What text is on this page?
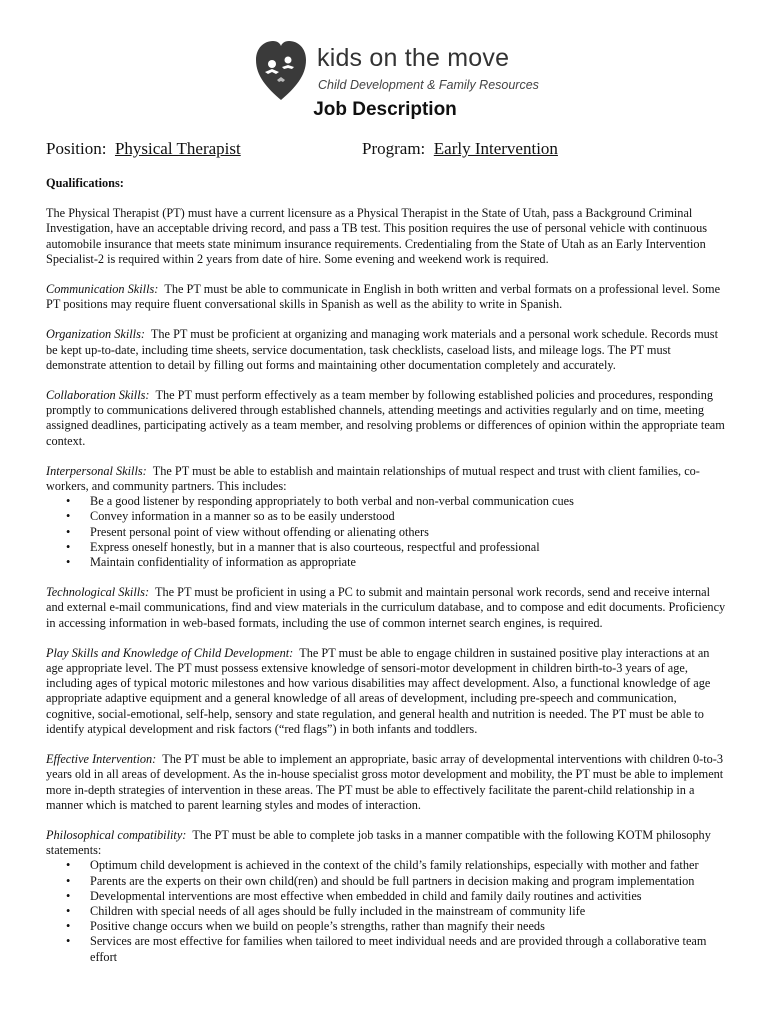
kids on the move
Child Development & Family Resources
Job Description
Position: Physical Therapist	Program: Early Intervention
Qualifications:

The Physical Therapist (PT) must have a current licensure as a Physical Therapist in the State of Utah, pass a Background Criminal Investigation, have an acceptable driving record, and pass a TB test. This position requires the use of personal vehicle with continuous automobile insurance that meets state minimum insurance requirements. Credentialing from the State of Utah as an Early Intervention Specialist-2 is required within 2 years from date of hire. Some evening and weekend work is required.

Communication Skills: The PT must be able to communicate in English in both written and verbal formats on a professional level. Some PT positions may require fluent conversational skills in Spanish as well as the ability to write in Spanish.

Organization Skills: The PT must be proficient at organizing and managing work materials and a personal work schedule. Records must be kept up-to-date, including time sheets, service documentation, task checklists, caseload lists, and mileage logs. The PT must demonstrate attention to detail by filling out forms and maintaining other documentation completely and accurately.

Collaboration Skills: The PT must perform effectively as a team member by following established policies and procedures, responding promptly to communications delivered through established channels, attending meetings and activities regularly and on time, meeting assigned deadlines, participating actively as a team member, and resolving problems or differences of opinion within the appropriate team context.

Interpersonal Skills: The PT must be able to establish and maintain relationships of mutual respect and trust with client families, co-workers, and community partners. This includes:

• Be a good listener by responding appropriately to both verbal and non-verbal communication cues
• Convey information in a manner so as to be easily understood
• Present personal point of view without offending or alienating others
• Express oneself honestly, but in a manner that is also courteous, respectful and professional
• Maintain confidentiality of information as appropriate

Technological Skills: The PT must be proficient in using a PC to submit and maintain personal work records, send and receive internal and external e-mail communications, find and view materials in the curriculum database, and to compose and edit documents. Proficiency in accessing information in web-based formats, including the use of common internet search engines, is required.

Play Skills and Knowledge of Child Development: The PT must be able to engage children in sustained positive play interactions at an age appropriate level. The PT must possess extensive knowledge of sensori-motor development in children birth-to-3 years of age, including ages of typical motoric milestones and how various disabilities may affect development. Also, a functional knowledge of age appropriate adaptive equipment and a general knowledge of all areas of development, including pre-speech and communication, cognitive, social-emotional, self-help, sensory and state regulation, and general health and nutrition is needed. The PT must be able to identify atypical development and risk factors (“red flags”) in both infants and toddlers.

Effective Intervention: The PT must be able to implement an appropriate, basic array of developmental interventions with children 0-to-3 years old in all areas of development. As the in-house specialist gross motor development and mobility, the PT must be able to implement more in-depth strategies of intervention in these areas. The PT must be able to effectively facilitate the parent-child relationship in a manner which is matched to parent learning styles and modes of interaction.

Philosophical compatibility: The PT must be able to complete job tasks in a manner compatible with the following KOTM philosophy statements:

• Optimum child development is achieved in the context of the child’s family relationships, especially with mother and father
• Parents are the experts on their own child(ren) and should be full partners in decision making and program implementation
• Developmental interventions are most effective when embedded in child and family daily routines and activities
• Children with special needs of all ages should be fully included in the mainstream of community life
• Positive change occurs when we build on people’s strengths, rather than magnify their needs
• Services are most effective for families when tailored to meet individual needs and are provided through a collaborative team effort
